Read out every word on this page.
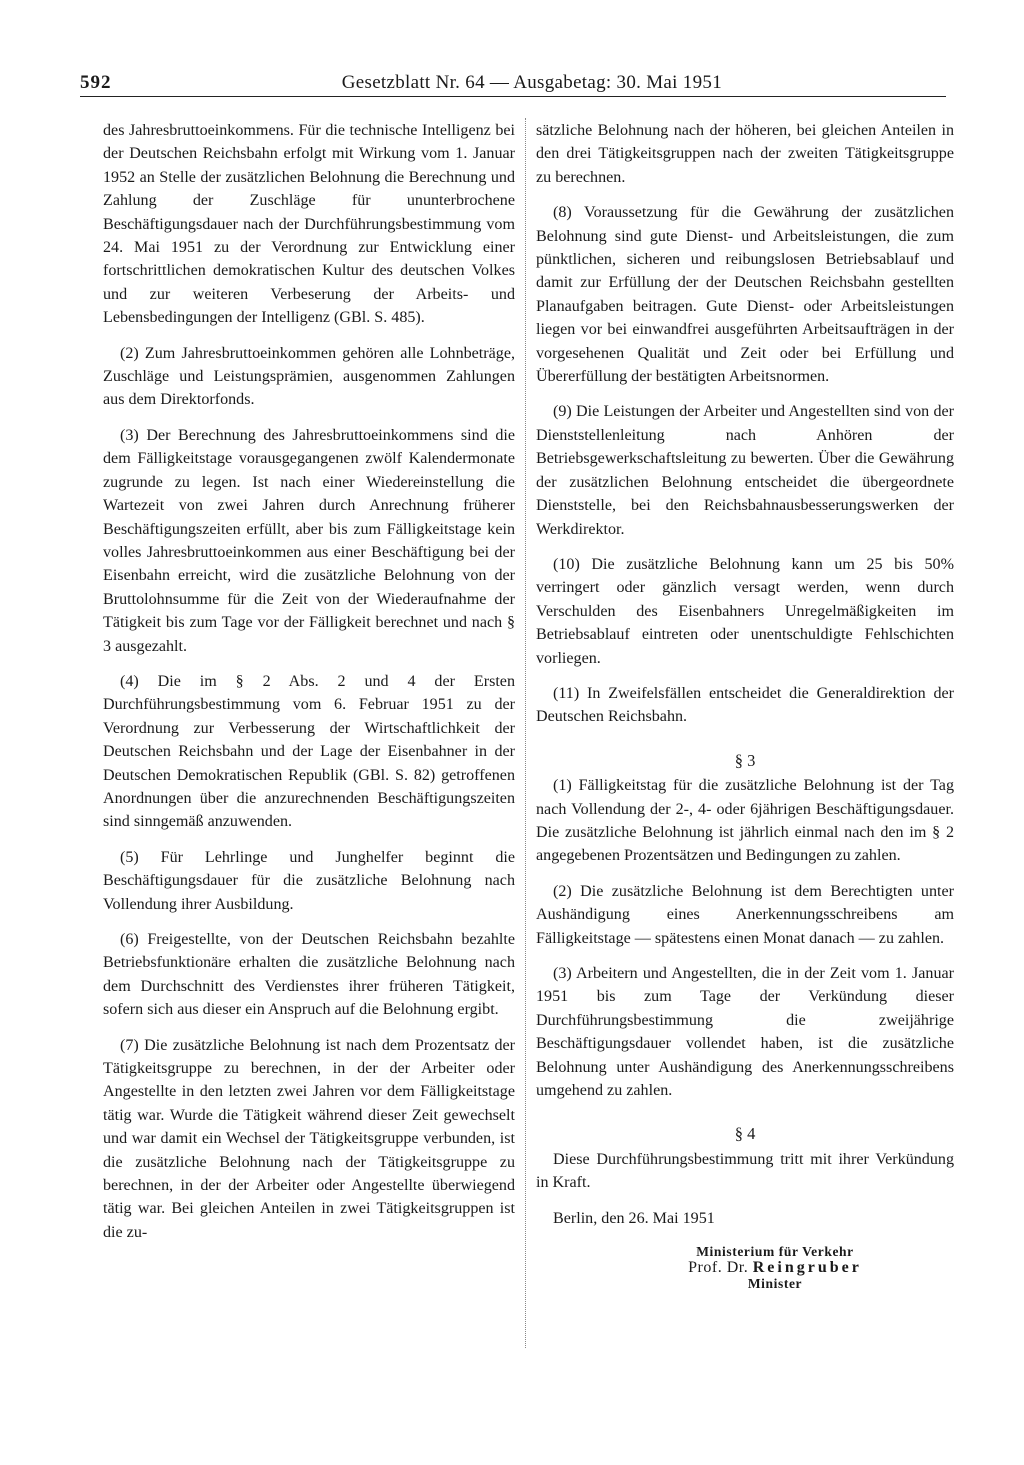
592	Gesetzblatt Nr. 64 — Ausgabetag: 30. Mai 1951

des Jahresbruttoeinkommens. Für die technische Intelligenz bei der Deutschen Reichsbahn erfolgt mit Wirkung vom 1. Januar 1952 an Stelle der zusätzlichen Belohnung die Berechnung und Zahlung der Zuschläge für ununterbrochene Beschäftigungsdauer nach der Durchführungsbestimmung vom 24. Mai 1951 zu der Verordnung zur Entwicklung einer fortschrittlichen demokratischen Kultur des deutschen Volkes und zur weiteren Verbeserung der Arbeits- und Lebensbedingungen der Intelligenz (GBl. S. 485).

(2) Zum Jahresbruttoeinkommen gehören alle Lohnbeträge, Zuschläge und Leistungsprämien, ausgenommen Zahlungen aus dem Direktorfonds.

(3) Der Berechnung des Jahresbruttoeinkommens sind die dem Fälligkeitstage vorausgegangenen zwölf Kalendermonate zugrunde zu legen. Ist nach einer Wiedereinstellung die Wartezeit von zwei Jahren durch Anrechnung früherer Beschäftigungszeiten erfüllt, aber bis zum Fälligkeitstage kein volles Jahresbruttoeinkommen aus einer Beschäftigung bei der Eisenbahn erreicht, wird die zusätzliche Belohnung von der Bruttolohnsumme für die Zeit von der Wiederaufnahme der Tätigkeit bis zum Tage vor der Fälligkeit berechnet und nach § 3 ausgezahlt.

(4) Die im § 2 Abs. 2 und 4 der Ersten Durchführungsbestimmung vom 6. Februar 1951 zu der Verordnung zur Verbesserung der Wirtschaftlichkeit der Deutschen Reichsbahn und der Lage der Eisenbahner in der Deutschen Demokratischen Republik (GBl. S. 82) getroffenen Anordnungen über die anzurechnenden Beschäftigungszeiten sind sinngemäß anzuwenden.

(5) Für Lehrlinge und Junghelfer beginnt die Beschäftigungsdauer für die zusätzliche Belohnung nach Vollendung ihrer Ausbildung.

(6) Freigestellte, von der Deutschen Reichsbahn bezahlte Betriebsfunktionäre erhalten die zusätzliche Belohnung nach dem Durchschnitt des Verdienstes ihrer früheren Tätigkeit, sofern sich aus dieser ein Anspruch auf die Belohnung ergibt.

(7) Die zusätzliche Belohnung ist nach dem Prozentsatz der Tätigkeitsgruppe zu berechnen, in der der Arbeiter oder Angestellte in den letzten zwei Jahren vor dem Fälligkeitstage tätig war. Wurde die Tätigkeit während dieser Zeit gewechselt und war damit ein Wechsel der Tätigkeitsgruppe verbunden, ist die zusätzliche Belohnung nach der Tätigkeitsgruppe zu berechnen, in der der Arbeiter oder Angestellte überwiegend tätig war. Bei gleichen Anteilen in zwei Tätigkeitsgruppen ist die zu-

sätzliche Belohnung nach der höheren, bei gleichen Anteilen in den drei Tätigkeitsgruppen nach der zweiten Tätigkeitsgruppe zu berechnen.

(8) Voraussetzung für die Gewährung der zusätzlichen Belohnung sind gute Dienst- und Arbeitsleistungen, die zum pünktlichen, sicheren und reibungslosen Betriebsablauf und damit zur Erfüllung der der Deutschen Reichsbahn gestellten Planaufgaben beitragen. Gute Dienst- oder Arbeitsleistungen liegen vor bei einwandfrei ausgeführten Arbeitsaufträgen in der vorgesehenen Qualität und Zeit oder bei Erfüllung und Übererfüllung der bestätigten Arbeitsnormen.

(9) Die Leistungen der Arbeiter und Angestellten sind von der Dienststellenleitung nach Anhören der Betriebsgewerkschaftsleitung zu bewerten. Über die Gewährung der zusätzlichen Belohnung entscheidet die übergeordnete Dienststelle, bei den Reichsbahnausbesserungswerken der Werkdirektor.

(10) Die zusätzliche Belohnung kann um 25 bis 50% verringert oder gänzlich versagt werden, wenn durch Verschulden des Eisenbahners Unregelmäßigkeiten im Betriebsablauf eintreten oder unentschuldigte Fehlschichten vorliegen.

(11) In Zweifelsfällen entscheidet die Generaldirektion der Deutschen Reichsbahn.

§ 3

(1) Fälligkeitstag für die zusätzliche Belohnung ist der Tag nach Vollendung der 2-, 4- oder 6jährigen Beschäftigungsdauer. Die zusätzliche Belohnung ist jährlich einmal nach den im § 2 angegebenen Prozentsätzen und Bedingungen zu zahlen.

(2) Die zusätzliche Belohnung ist dem Berechtigten unter Aushändigung eines Anerkennungsschreibens am Fälligkeitstage — spätestens einen Monat danach — zu zahlen.

(3) Arbeitern und Angestellten, die in der Zeit vom 1. Januar 1951 bis zum Tage der Verkündung dieser Durchführungsbestimmung die zweijährige Beschäftigungsdauer vollendet haben, ist die zusätzliche Belohnung unter Aushändigung des Anerkennungsschreibens umgehend zu zahlen.

§ 4

Diese Durchführungsbestimmung tritt mit ihrer Verkündung in Kraft.

Berlin, den 26. Mai 1951

Ministerium für Verkehr
Prof. Dr. Reingruber
Minister
